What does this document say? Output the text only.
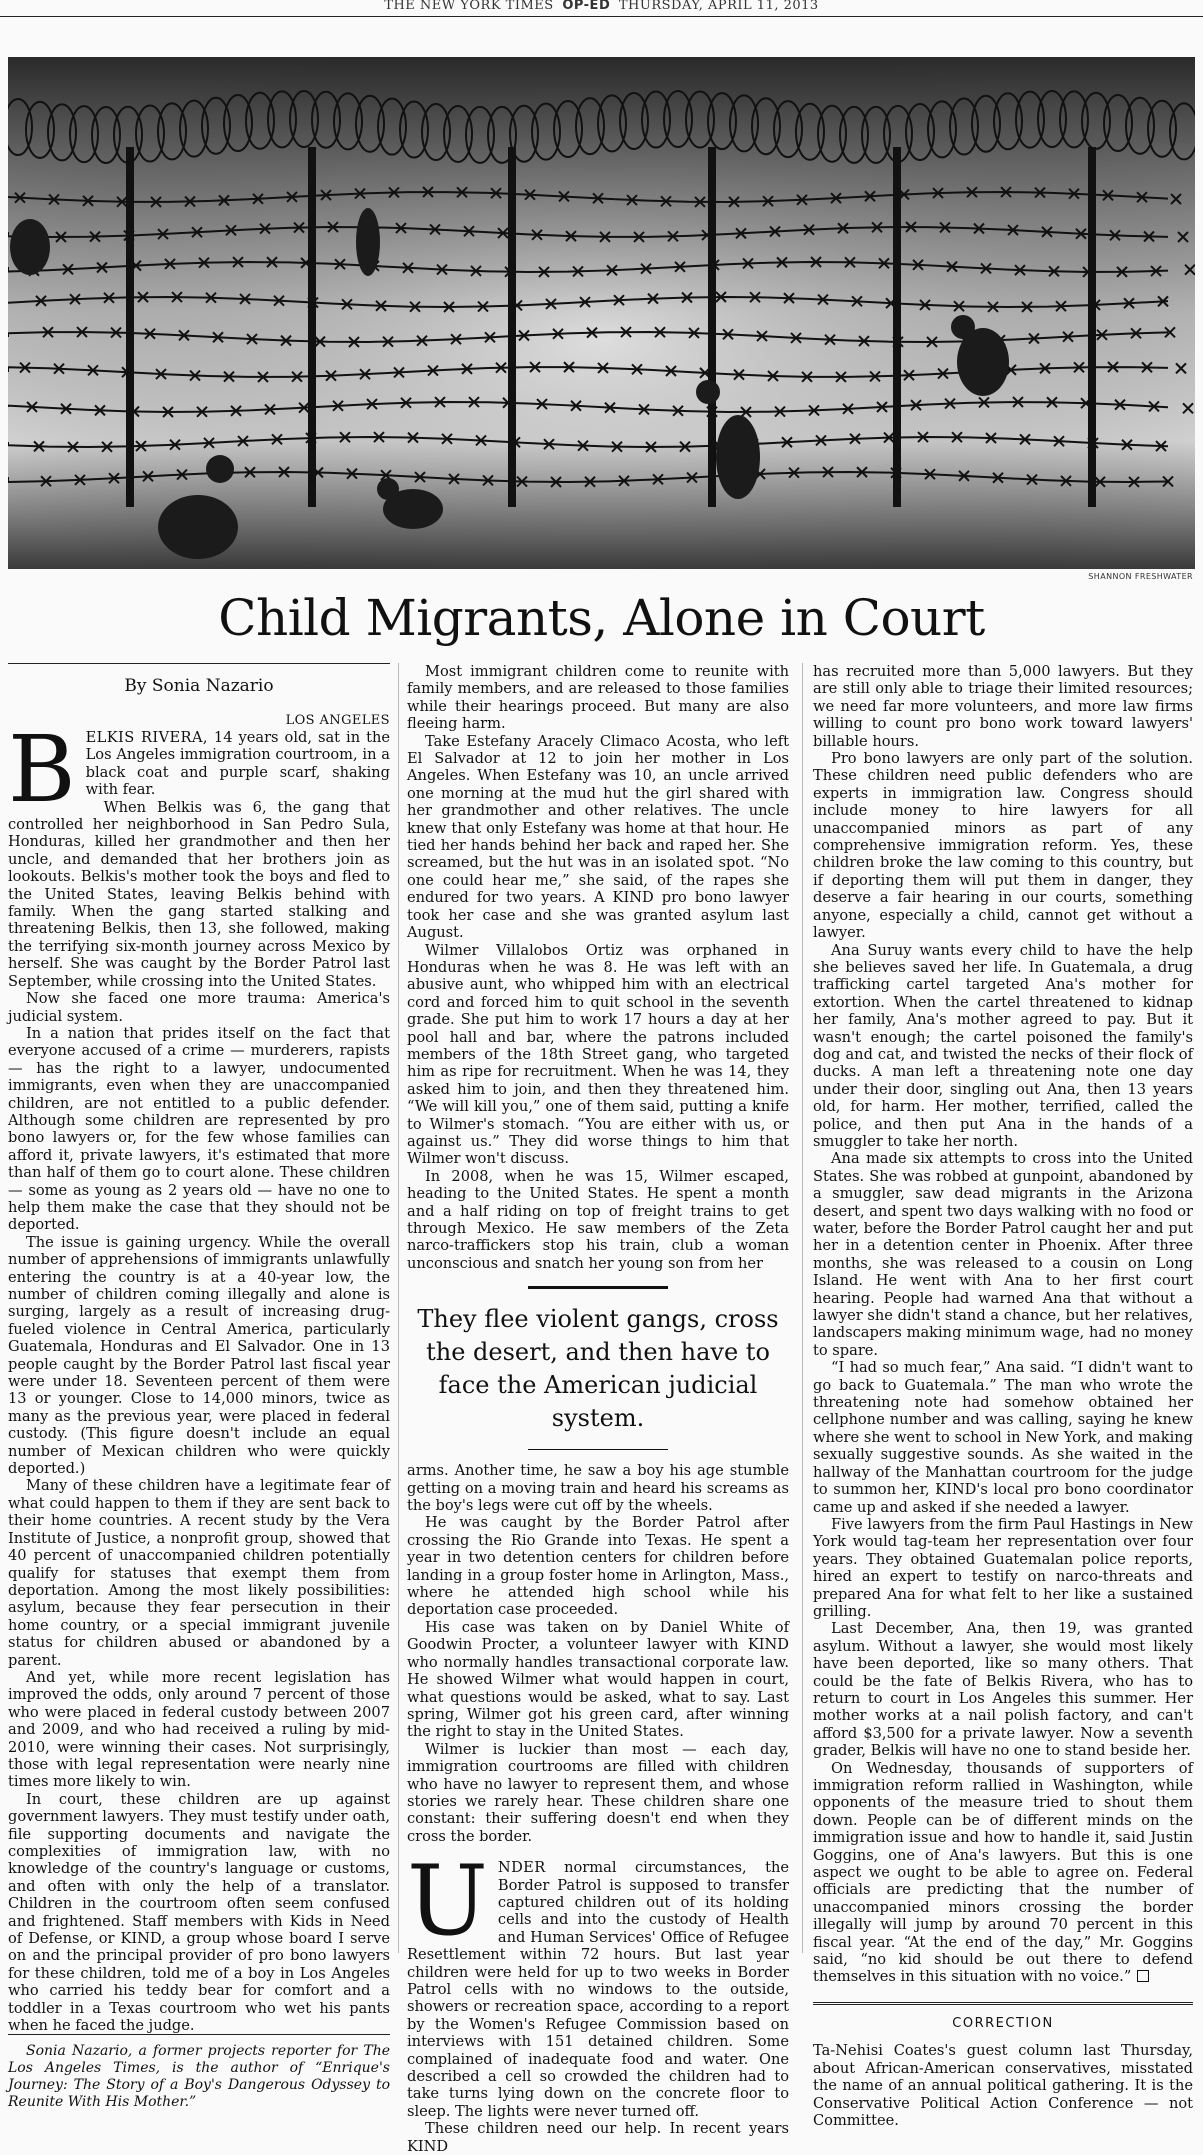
THE NEW YORK TIMES OP-ED THURSDAY, APRIL 11, 2013
SHANNON FRESHWATER
Child Migrants, Alone in Court
By Sonia Nazario
LOS ANGELES

BELKIS RIVERA, 14 years old, sat in the Los Angeles immigration courtroom, in a black coat and purple scarf, shaking with fear.

When Belkis was 6, the gang that controlled her neighborhood in San Pedro Sula, Honduras, killed her grandmother and then her uncle, and demanded that her brothers join as lookouts. Belkis's mother took the boys and fled to the United States, leaving Belkis behind with family. When the gang started stalking and threatening Belkis, then 13, she followed, making the terrifying six-month journey across Mexico by herself. She was caught by the Border Patrol last September, while crossing into the United States.

Now she faced one more trauma: America's judicial system.

In a nation that prides itself on the fact that everyone accused of a crime — murderers, rapists — has the right to a lawyer, undocumented immigrants, even when they are unaccompanied children, are not entitled to a public defender. Although some children are represented by pro bono lawyers or, for the few whose families can afford it, private lawyers, it's estimated that more than half of them go to court alone. These children — some as young as 2 years old — have no one to help them make the case that they should not be deported.

The issue is gaining urgency. While the overall number of apprehensions of immigrants unlawfully entering the country is at a 40-year low, the number of children coming illegally and alone is surging, largely as a result of increasing drug-fueled violence in Central America, particularly Guatemala, Honduras and El Salvador. One in 13 people caught by the Border Patrol last fiscal year were under 18. Seventeen percent of them were 13 or younger. Close to 14,000 minors, twice as many as the previous year, were placed in federal custody. (This figure doesn't include an equal number of Mexican children who were quickly deported.)

Many of these children have a legitimate fear of what could happen to them if they are sent back to their home countries. A recent study by the Vera Institute of Justice, a nonprofit group, showed that 40 percent of unaccompanied children potentially qualify for statuses that exempt them from deportation. Among the most likely possibilities: asylum, because they fear persecution in their home country, or a special immigrant juvenile status for children abused or abandoned by a parent.

And yet, while more recent legislation has improved the odds, only around 7 percent of those who were placed in federal custody between 2007 and 2009, and who had received a ruling by mid-2010, were winning their cases. Not surprisingly, those with legal representation were nearly nine times more likely to win.

In court, these children are up against government lawyers. They must testify under oath, file supporting documents and navigate the complexities of immigration law, with no knowledge of the country's language or customs, and often with only the help of a translator. Children in the courtroom often seem confused and frightened. Staff members with Kids in Need of Defense, or KIND, a group whose board I serve on and the principal provider of pro bono lawyers for these children, told me of a boy in Los Angeles who carried his teddy bear for comfort and a toddler in a Texas courtroom who wet his pants when he faced the judge.

Sonia Nazario, a former projects reporter for The Los Angeles Times, is the author of “Enrique's Journey: The Story of a Boy's Dangerous Odyssey to Reunite With His Mother.”

Most immigrant children come to reunite with family members, and are released to those families while their hearings proceed. But many are also fleeing harm.

Take Estefany Aracely Climaco Acosta, who left El Salvador at 12 to join her mother in Los Angeles. When Estefany was 10, an uncle arrived one morning at the mud hut the girl shared with her grandmother and other relatives. The uncle knew that only Estefany was home at that hour. He tied her hands behind her back and raped her. She screamed, but the hut was in an isolated spot. “No one could hear me,” she said, of the rapes she endured for two years. A KIND pro bono lawyer took her case and she was granted asylum last August.

Wilmer Villalobos Ortiz was orphaned in Honduras when he was 8. He was left with an abusive aunt, who whipped him with an electrical cord and forced him to quit school in the seventh grade. She put him to work 17 hours a day at her pool hall and bar, where the patrons included members of the 18th Street gang, who targeted him as ripe for recruitment. When he was 14, they asked him to join, and then they threatened him. “We will kill you,” one of them said, putting a knife to Wilmer's stomach. “You are either with us, or against us.” They did worse things to him that Wilmer won't discuss.

In 2008, when he was 15, Wilmer escaped, heading to the United States. He spent a month and a half riding on top of freight trains to get through Mexico. He saw members of the Zeta narco-traffickers stop his train, club a woman unconscious and snatch her young son from her

They flee violent gangs, cross the desert, and then have to face the American judicial system.

arms. Another time, he saw a boy his age stumble getting on a moving train and heard his screams as the boy's legs were cut off by the wheels.

He was caught by the Border Patrol after crossing the Rio Grande into Texas. He spent a year in two detention centers for children before landing in a group foster home in Arlington, Mass., where he attended high school while his deportation case proceeded.

His case was taken on by Daniel White of Goodwin Procter, a volunteer lawyer with KIND who normally handles transactional corporate law. He showed Wilmer what would happen in court, what questions would be asked, what to say. Last spring, Wilmer got his green card, after winning the right to stay in the United States.

Wilmer is luckier than most — each day, immigration courtrooms are filled with children who have no lawyer to represent them, and whose stories we rarely hear. These children share one constant: their suffering doesn't end when they cross the border.

UNDER normal circumstances, the Border Patrol is supposed to transfer captured children out of its holding cells and into the custody of Health and Human Services' Office of Refugee Resettlement within 72 hours. But last year children were held for up to two weeks in Border Patrol cells with no windows to the outside, showers or recreation space, according to a report by the Women's Refugee Commission based on interviews with 151 detained children. Some complained of inadequate food and water. One described a cell so crowded the children had to take turns lying down on the concrete floor to sleep. The lights were never turned off.

These children need our help. In recent years KIND

has recruited more than 5,000 lawyers. But they are still only able to triage their limited resources; we need far more volunteers, and more law firms willing to count pro bono work toward lawyers' billable hours.

Pro bono lawyers are only part of the solution. These children need public defenders who are experts in immigration law. Congress should include money to hire lawyers for all unaccompanied minors as part of any comprehensive immigration reform. Yes, these children broke the law coming to this country, but if deporting them will put them in danger, they deserve a fair hearing in our courts, something anyone, especially a child, cannot get without a lawyer.

Ana Suruy wants every child to have the help she believes saved her life. In Guatemala, a drug trafficking cartel targeted Ana's mother for extortion. When the cartel threatened to kidnap her family, Ana's mother agreed to pay. But it wasn't enough; the cartel poisoned the family's dog and cat, and twisted the necks of their flock of ducks. A man left a threatening note one day under their door, singling out Ana, then 13 years old, for harm. Her mother, terrified, called the police, and then put Ana in the hands of a smuggler to take her north.

Ana made six attempts to cross into the United States. She was robbed at gunpoint, abandoned by a smuggler, saw dead migrants in the Arizona desert, and spent two days walking with no food or water, before the Border Patrol caught her and put her in a detention center in Phoenix. After three months, she was released to a cousin on Long Island. He went with Ana to her first court hearing. People had warned Ana that without a lawyer she didn't stand a chance, but her relatives, landscapers making minimum wage, had no money to spare.

“I had so much fear,” Ana said. “I didn't want to go back to Guatemala.” The man who wrote the threatening note had somehow obtained her cellphone number and was calling, saying he knew where she went to school in New York, and making sexually suggestive sounds. As she waited in the hallway of the Manhattan courtroom for the judge to summon her, KIND's local pro bono coordinator came up and asked if she needed a lawyer.

Five lawyers from the firm Paul Hastings in New York would tag-team her representation over four years. They obtained Guatemalan police reports, hired an expert to testify on narco-threats and prepared Ana for what felt to her like a sustained grilling.

Last December, Ana, then 19, was granted asylum. Without a lawyer, she would most likely have been deported, like so many others. That could be the fate of Belkis Rivera, who has to return to court in Los Angeles this summer. Her mother works at a nail polish factory, and can't afford $3,500 for a private lawyer. Now a seventh grader, Belkis will have no one to stand beside her.

On Wednesday, thousands of supporters of immigration reform rallied in Washington, while opponents of the measure tried to shout them down. People can be of different minds on the immigration issue and how to handle it, said Justin Goggins, one of Ana's lawyers. But this is one aspect we ought to be able to agree on. Federal officials are predicting that the number of unaccompanied minors crossing the border illegally will jump by around 70 percent in this fiscal year. “At the end of the day,” Mr. Goggins said, “no kid should be out there to defend themselves in this situation with no voice.”

CORRECTION

Ta-Nehisi Coates's guest column last Thursday, about African-American conservatives, misstated the name of an annual political gathering. It is the Conservative Political Action Conference — not Committee.
